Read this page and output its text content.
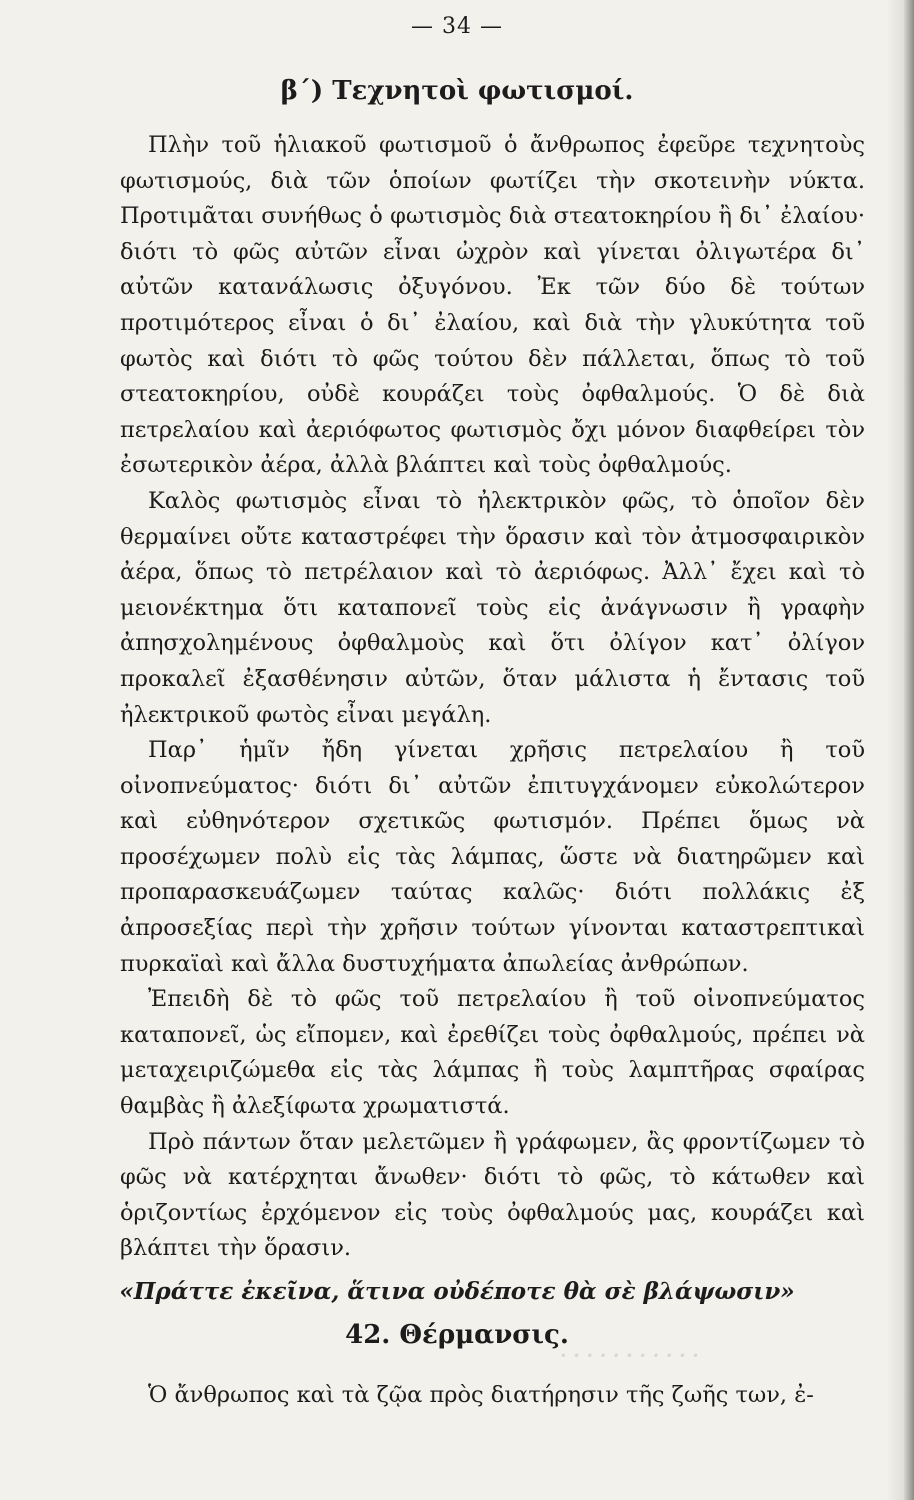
· · · · · · · · · · ·
— 34 —
β΄) Τεχνητοὶ φωτισμοί.

Πλὴν τοῦ ἡλιακοῦ φωτισμοῦ ὁ ἄνθρωπος ἐφεῦρε τεχνητοὺς φωτισμούς, διὰ τῶν ὁποίων φωτίζει τὴν σκοτεινὴν νύκτα. Προτιμᾶται συνήθως ὁ φωτισμὸς διὰ στεατοκηρίου ἢ δι᾽ ἐλαίου· διότι τὸ φῶς αὐτῶν εἶναι ὠχρὸν καὶ γίνεται ὀλιγωτέρα δι᾽ αὐτῶν κατανάλωσις ὀξυγόνου. Ἐκ τῶν δύο δὲ τούτων προτιμότερος εἶναι ὁ δι᾽ ἐλαίου, καὶ διὰ τὴν γλυκύτητα τοῦ φωτὸς καὶ διότι τὸ φῶς τούτου δὲν πάλλεται, ὅπως τὸ τοῦ στεατοκηρίου, οὐδὲ κουράζει τοὺς ὀφθαλμούς. Ὁ δὲ διὰ πετρελαίου καὶ ἀεριόφωτος φωτισμὸς ὄχι μόνον διαφθείρει τὸν ἐσωτερικὸν ἀέρα, ἀλλὰ βλάπτει καὶ τοὺς ὀφθαλμούς.

Καλὸς φωτισμὸς εἶναι τὸ ἠλεκτρικὸν φῶς, τὸ ὁποῖον δὲν θερμαίνει οὔτε καταστρέφει τὴν ὅρασιν καὶ τὸν ἀτμοσφαιρικὸν ἀέρα, ὅπως τὸ πετρέλαιον καὶ τὸ ἀεριόφως. Ἀλλ᾽ ἔχει καὶ τὸ μειονέκτημα ὅτι καταπονεῖ τοὺς εἰς ἀνάγνωσιν ἢ γραφὴν ἀπησχολημένους ὀφθαλμοὺς καὶ ὅτι ὀλίγον κατ᾽ ὀλίγον προκαλεῖ ἐξασθένησιν αὐτῶν, ὅταν μάλιστα ἡ ἔντασις τοῦ ἠλεκτρικοῦ φωτὸς εἶναι μεγάλη.

Παρ᾽ ἡμῖν ἤδη γίνεται χρῆσις πετρελαίου ἢ τοῦ οἰνοπνεύματος· διότι δι᾽ αὐτῶν ἐπιτυγχάνομεν εὐκολώτερον καὶ εὐθηνότερον σχετικῶς φωτισμόν. Πρέπει ὅμως νὰ προσέχωμεν πολὺ εἰς τὰς λάμπας, ὥστε νὰ διατηρῶμεν καὶ προπαρασκευάζωμεν ταύτας καλῶς· διότι πολλάκις ἐξ ἀπροσεξίας περὶ τὴν χρῆσιν τούτων γίνονται καταστρεπτικαὶ πυρκαϊαὶ καὶ ἄλλα δυστυχήματα ἀπωλείας ἀνθρώπων.

Ἐπειδὴ δὲ τὸ φῶς τοῦ πετρελαίου ἢ τοῦ οἰνοπνεύματος καταπονεῖ, ὡς εἴπομεν, καὶ ἐρεθίζει τοὺς ὀφθαλμούς, πρέπει νὰ μεταχειριζώμεθα εἰς τὰς λάμπας ἢ τοὺς λαμπτῆρας σφαίρας θαμβὰς ἢ ἀλεξίφωτα χρωματιστά.

Πρὸ πάντων ὅταν μελετῶμεν ἢ γράφωμεν, ἂς φροντίζωμεν τὸ φῶς νὰ κατέρχηται ἄνωθεν· διότι τὸ φῶς, τὸ κάτωθεν καὶ ὁριζοντίως ἐρχόμενον εἰς τοὺς ὀφθαλμούς μας, κουράζει καὶ βλάπτει τὴν ὅρασιν.

«Πράττε ἐκεῖνα, ἅτινα οὐδέποτε θὰ σὲ βλάψωσιν»
42. Θέρμανσις.
Ὁ ἄνθρωπος καὶ τὰ ζῷα πρὸς διατήρησιν τῆς ζωῆς των, ἐ-
